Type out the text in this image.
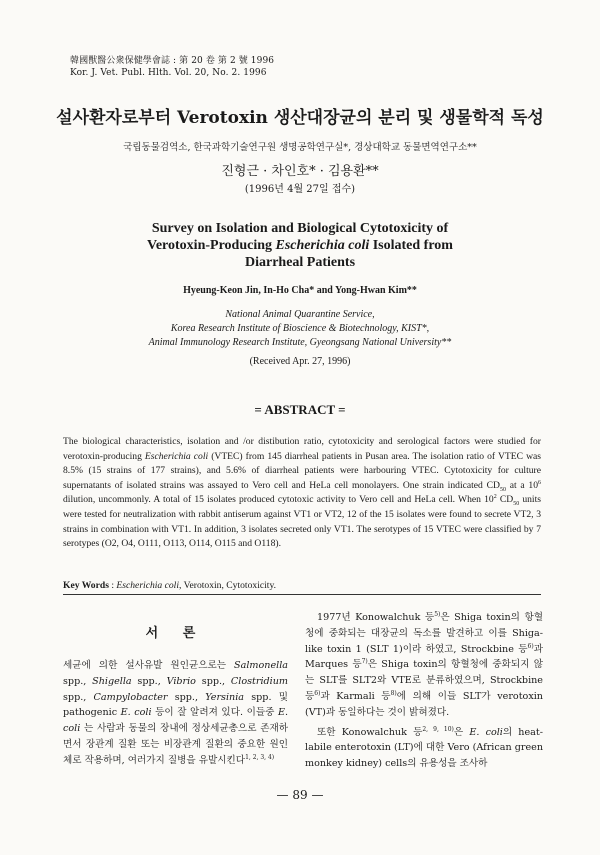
韓國獸醫公衆保健學會誌 : 第 20 卷 第 2 號 1996
Kor. J. Vet. Publ. Hlth. Vol. 20, No. 2. 1996
설사환자로부터 Verotoxin 생산대장균의 분리 및 생물학적 독성
국립동물검역소, 한국과학기술연구원 생명공학연구실*, 경상대학교 동물면역연구소**
진형근 · 차인호* · 김용환**
(1996년 4월 27일 접수)
Survey on Isolation and Biological Cytotoxicity of
Verotoxin-Producing Escherichia coli Isolated from
Diarrheal Patients
Hyeung-Keon Jin, In-Ho Cha* and Yong-Hwan Kim**
National Animal Quarantine Service,
Korea Research Institute of Bioscience & Biotechnology, KIST*,
Animal Immunology Research Institute, Gyeongsang National University**
(Received Apr. 27, 1996)
= ABSTRACT =
The biological characteristics, isolation and /or distibution ratio, cytotoxicity and serological factors were studied for verotoxin-producing Escherichia coli (VTEC) from 145 diarrheal patients in Pusan area. The isolation ratio of VTEC was 8.5% (15 strains of 177 strains), and 5.6% of diarrheal patients were harbouring VTEC. Cytotoxicity for culture supernatants of isolated strains was assayed to Vero cell and HeLa cell monolayers. One strain indicated $CD_{50}$ at a $10^6$ dilution, uncommonly. A total of 15 isolates produced cytotoxic activity to Vero cell and HeLa cell. When $10^2$ $CD_{50}$ units were tested for neutralization with rabbit antiserum against VT1 or VT2, 12 of the 15 isolates were found to secrete VT2, 3 strains in combination with VT1. In addition, 3 isolates secreted only VT1. The serotypes of 15 VTEC were classified by 7 serotypes (O2, O4, O111, O113, O114, O115 and O118).
Key Words : Escherichia coli, Verotoxin, Cytotoxicity.
서 론
세균에 의한 설사유발 원인균으로는 Salmonella spp., Shigella spp., Vibrio spp., Clostridium spp., Campylobacter spp., Yersinia spp. 및 pathogenic E. coli 등이 잘 알려져 있다. 이들중 E. coli 는 사람과 동물의 장내에 정상세균총으로 존재하면서 장관계 질환 또는 비장관계 질환의 중요한 원인체로 작용하며, 여러가지 질병을 유발시킨다$^{1, 2, 3, 4)}$
1977년 Konowalchuk 등$^{5)}$은 Shiga toxin의 항혈청에 중화되는 대장균의 독소를 발견하고 이를 Shiga-like toxin 1 (SLT 1)이라 하였고, Strockbine 등$^{6)}$과 Marques 등$^{7)}$은 Shiga toxin의 항혈청에 중화되지 않는 SLT를 SLT2와 VTE로 분류하였으며, Strockbine 등$^{6)}$과 Karmali 등$^{8)}$에 의해 이들 SLT가 verotoxin (VT)과 동일하다는 것이 밝혀졌다.
또한 Konowalchuk 등$^{2, 9, 10)}$은 E. coli의 heat-labile enterotoxin (LT)에 대한 Vero (African green monkey kidney) cells의 유용성을 조사하
— 89 —
